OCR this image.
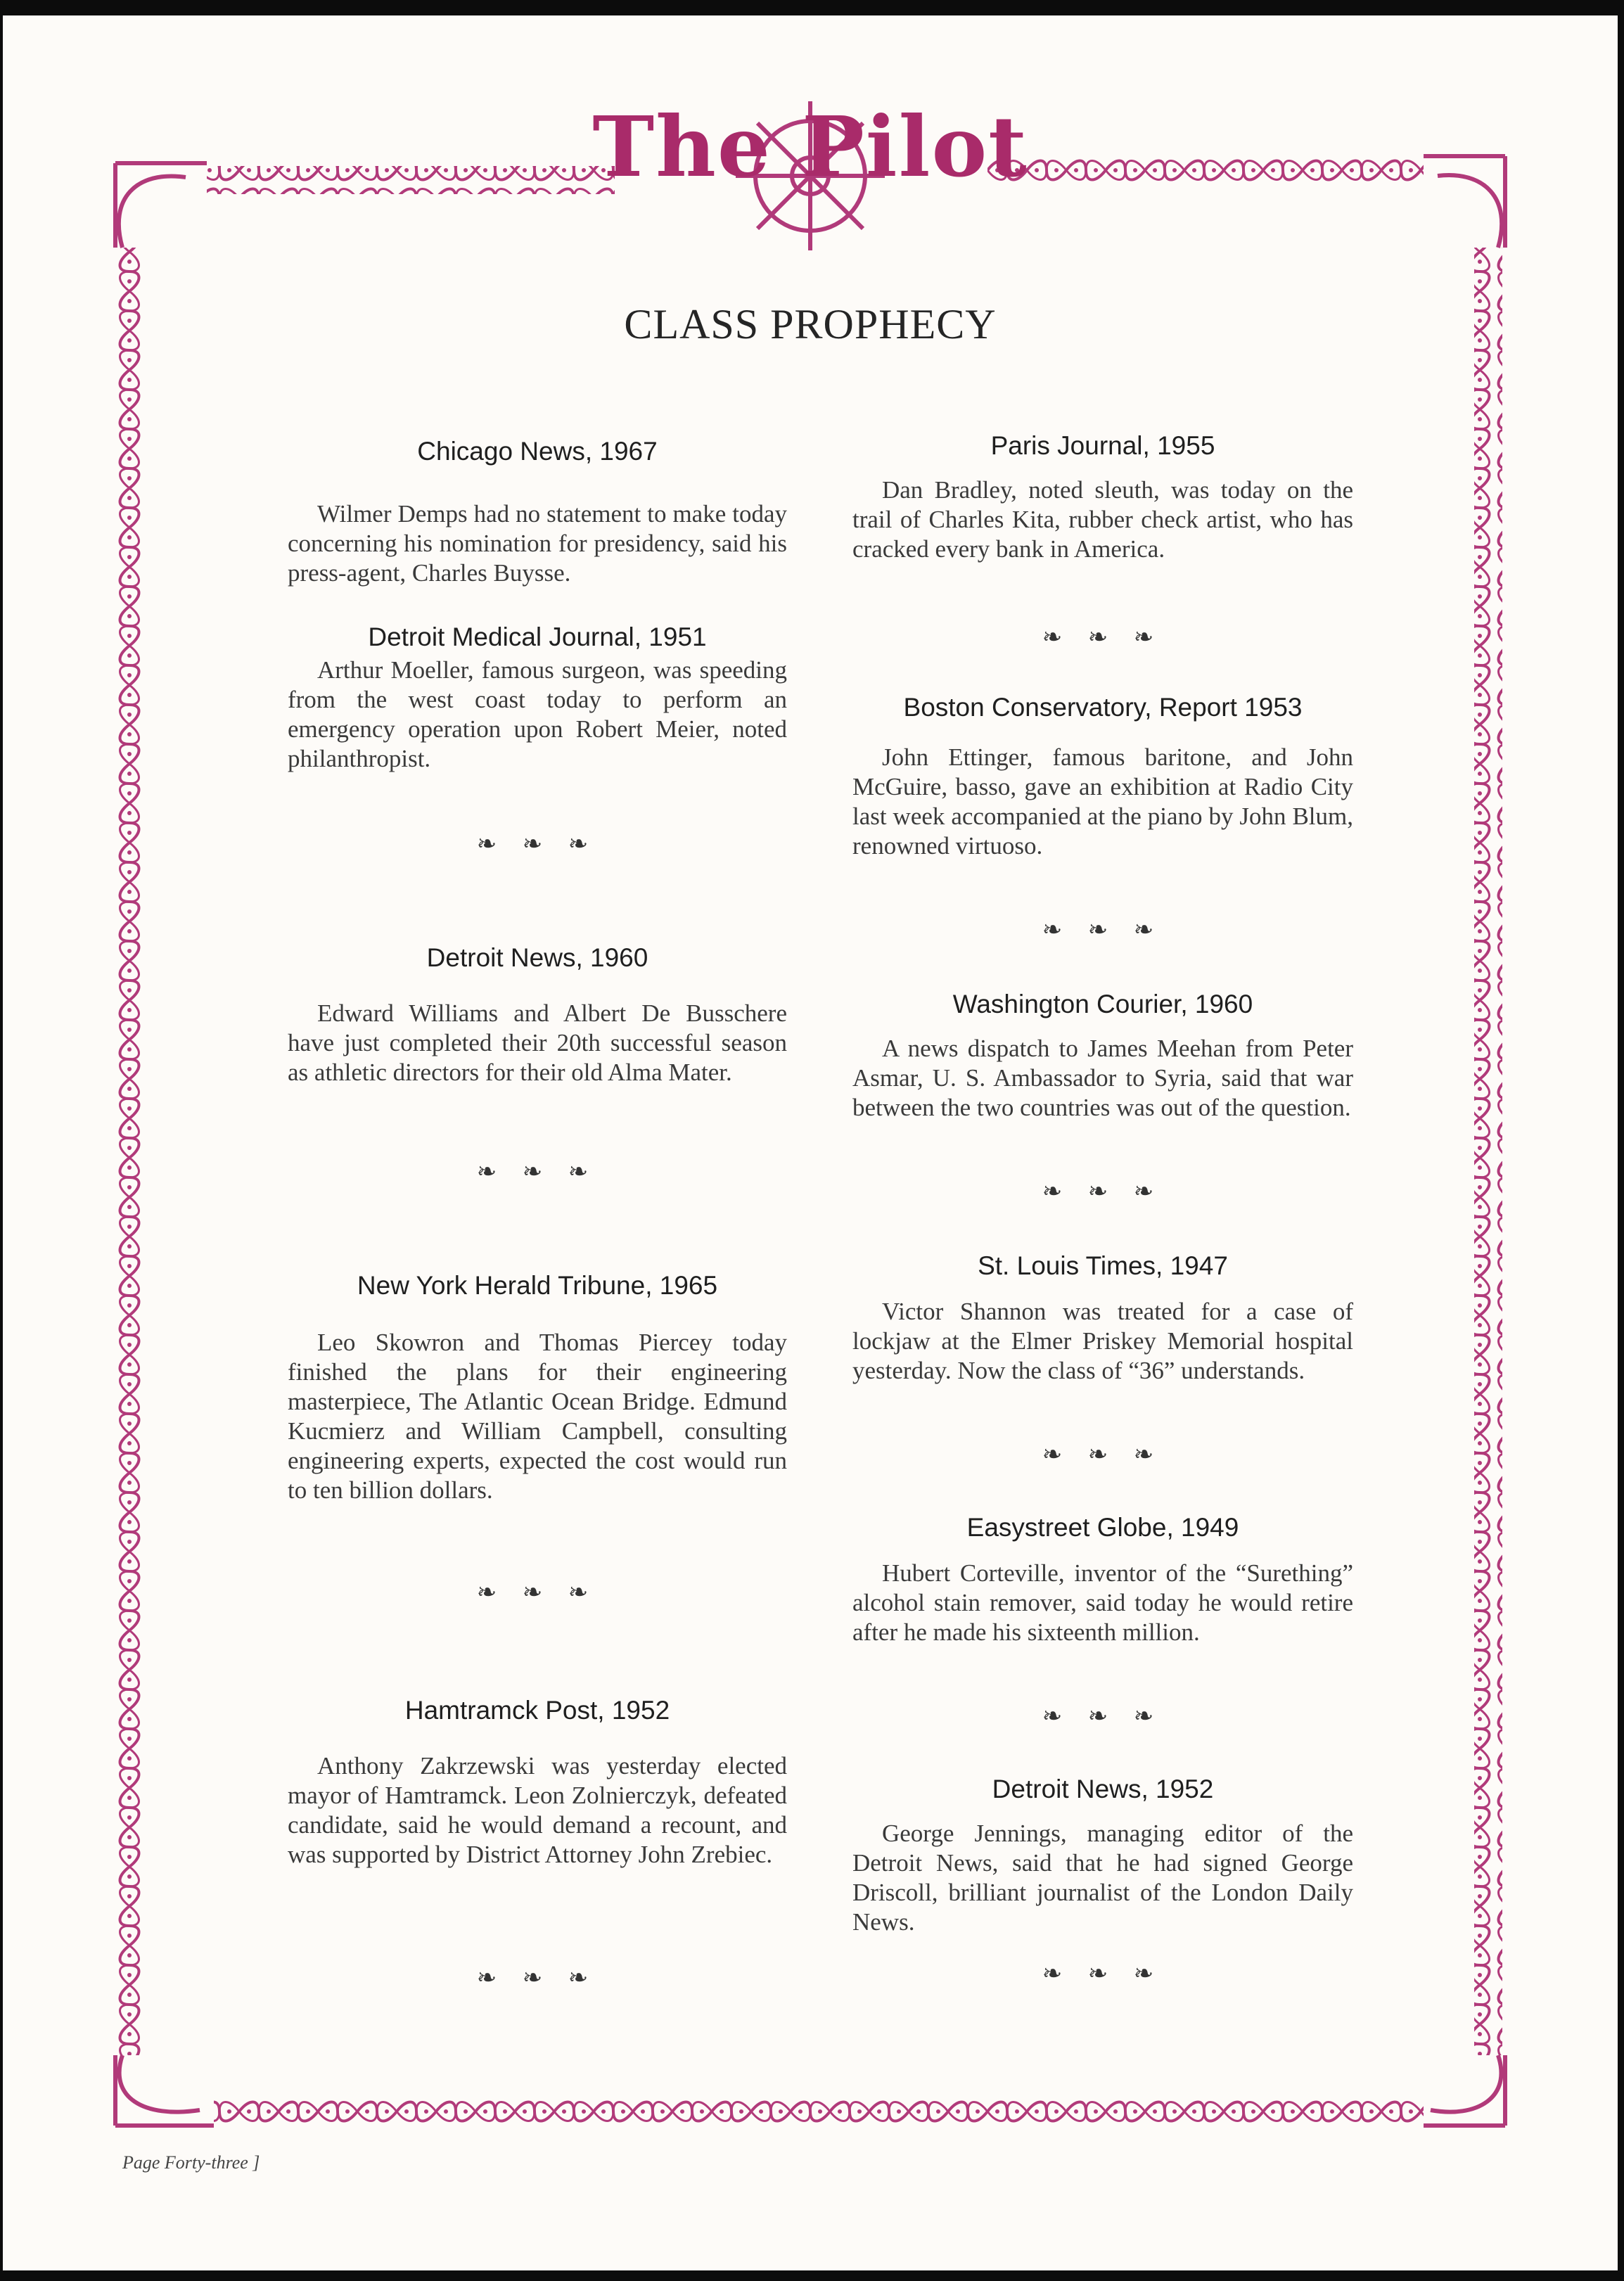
The Pilot
CLASS PROPHECY
Chicago News, 1967
Wilmer Demps had no statement to make today concerning his nomination for presidency, said his press-agent, Charles Buysse.
Detroit Medical Journal, 1951
Arthur Moeller, famous surgeon, was speeding from the west coast today to perform an emergency operation upon Robert Meier, noted philanthropist.
❧ ❧ ❧
Detroit News, 1960
Edward Williams and Albert De Busschere have just completed their 20th successful season as athletic directors for their old Alma Mater.
❧ ❧ ❧
New York Herald Tribune, 1965
Leo Skowron and Thomas Piercey today finished the plans for their engineering masterpiece, The Atlantic Ocean Bridge. Edmund Kucmierz and William Campbell, consulting engineering experts, expected the cost would run to ten billion dollars.
❧ ❧ ❧
Hamtramck Post, 1952
Anthony Zakrzewski was yesterday elected mayor of Hamtramck. Leon Zolnierczyk, defeated candidate, said he would demand a recount, and was supported by District Attorney John Zrebiec.
❧ ❧ ❧
Paris Journal, 1955
Dan Bradley, noted sleuth, was today on the trail of Charles Kita, rubber check artist, who has cracked every bank in America.
❧ ❧ ❧
Boston Conservatory, Report 1953
John Ettinger, famous baritone, and John McGuire, basso, gave an exhibition at Radio City last week accompanied at the piano by John Blum, renowned virtuoso.
❧ ❧ ❧
Washington Courier, 1960
A news dispatch to James Meehan from Peter Asmar, U. S. Ambassador to Syria, said that war between the two countries was out of the question.
❧ ❧ ❧
St. Louis Times, 1947
Victor Shannon was treated for a case of lockjaw at the Elmer Priskey Memorial hospital yesterday. Now the class of “36” understands.
❧ ❧ ❧
Easystreet Globe, 1949
Hubert Corteville, inventor of the “Surething” alcohol stain remover, said today he would retire after he made his sixteenth million.
❧ ❧ ❧
Detroit News, 1952
George Jennings, managing editor of the Detroit News, said that he had signed George Driscoll, brilliant journalist of the London Daily News.
❧ ❧ ❧
Page Forty-three ]
